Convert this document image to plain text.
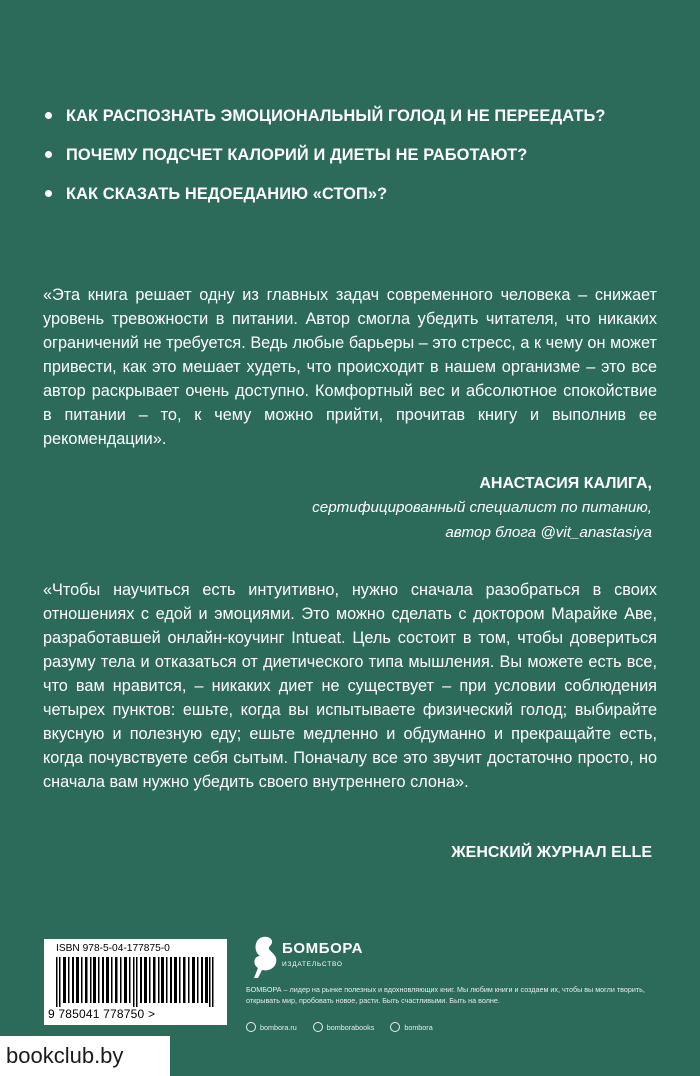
КАК РАСПОЗНАТЬ ЭМОЦИОНАЛЬНЫЙ ГОЛОД И НЕ ПЕРЕЕДАТЬ?
ПОЧЕМУ ПОДСЧЕТ КАЛОРИЙ И ДИЕТЫ НЕ РАБОТАЮТ?
КАК СКАЗАТЬ НЕДОЕДАНИЮ «СТОП»?
«Эта книга решает одну из главных задач современного человека – снижает уровень тревожности в питании. Автор смогла убедить читателя, что никаких ограничений не требуется. Ведь любые барьеры – это стресс, а к чему он может привести, как это мешает худеть, что происходит в нашем организме – это все автор раскрывает очень доступно. Комфортный вес и абсолютное спокойствие в питании – то, к чему можно прийти, прочитав книгу и выполнив ее рекомендации».
АНАСТАСИЯ КАЛИГА,
сертифицированный специалист по питанию,
автор блога @vit_anastasiya
«Чтобы научиться есть интуитивно, нужно сначала разобраться в своих отношениях с едой и эмоциями. Это можно сделать с доктором Марайке Аве, разработавшей онлайн-коучинг Intueat. Цель состоит в том, чтобы довериться разуму тела и отказаться от диетического типа мышления. Вы можете есть все, что вам нравится, – никаких диет не существует – при условии соблюдения четырех пунктов: ешьте, когда вы испытываете физический голод; выбирайте вкусную и полезную еду; ешьте медленно и обдуманно и прекращайте есть, когда почувствуете себя сытым. Поначалу все это звучит достаточно просто, но сначала вам нужно убедить своего внутреннего слона».
ЖЕНСКИЙ ЖУРНАЛ ELLE
ISBN 978-5-04-177875-0
9 785041 778750 >
БОМБОРА
ИЗДАТЕЛЬСТВО
БОМБОРА – лидер на рынке полезных и вдохновляющих книг. Мы любим книги и создаем их, чтобы вы могли творить, открывать мир, пробовать новое, расти. Быть счастливыми. Быть на волне.
bombora.ru	bomborabooks	bombora
bookclub.by
